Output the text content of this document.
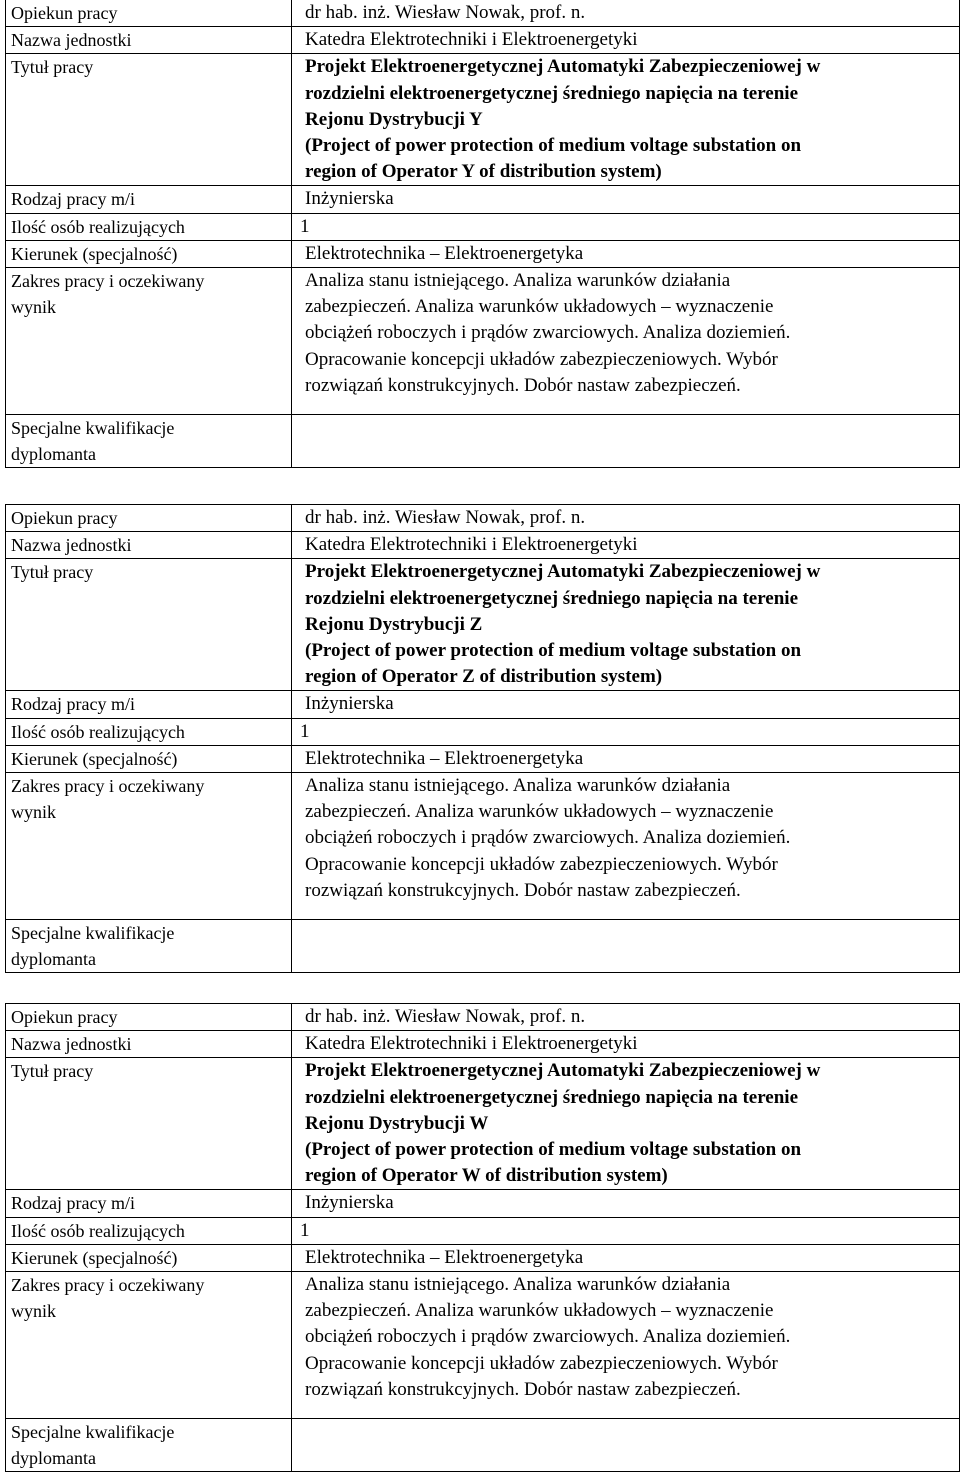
Opiekun pracy	dr hab. inż. Wiesław Nowak, prof. n.
Nazwa jednostki	Katedra Elektrotechniki i Elektroenergetyki
Tytuł pracy	Projekt Elektroenergetycznej Automatyki Zabezpieczeniowej w
rozdzielni elektroenergetycznej średniego napięcia na terenie
Rejonu Dystrybucji Y
(Project of power protection of medium voltage substation on
region of Operator Y of distribution system)

Rodzaj pracy m/i	Inżynierska
Ilość osób realizujących	1
Kierunek (specjalność)	Elektrotechnika – Elektroenergetyka

Zakres pracy i oczekiwany
wynik	Analiza stanu istniejącego. Analiza warunków działania
zabezpieczeń. Analiza warunków układowych – wyznaczenie
obciążeń roboczych i prądów zwarciowych. Analiza doziemień.
Opracowanie koncepcji układów zabezpieczeniowych. Wybór
rozwiązań konstrukcyjnych. Dobór nastaw zabezpieczeń.

Specjalne kwalifikacje
dyplomanta	

Opiekun pracy	dr hab. inż. Wiesław Nowak, prof. n.
Nazwa jednostki	Katedra Elektrotechniki i Elektroenergetyki
Tytuł pracy	Projekt Elektroenergetycznej Automatyki Zabezpieczeniowej w
rozdzielni elektroenergetycznej średniego napięcia na terenie
Rejonu Dystrybucji Z
(Project of power protection of medium voltage substation on
region of Operator Z of distribution system)

Rodzaj pracy m/i	Inżynierska
Ilość osób realizujących	1
Kierunek (specjalność)	Elektrotechnika – Elektroenergetyka

Zakres pracy i oczekiwany
wynik	Analiza stanu istniejącego. Analiza warunków działania
zabezpieczeń. Analiza warunków układowych – wyznaczenie
obciążeń roboczych i prądów zwarciowych. Analiza doziemień.
Opracowanie koncepcji układów zabezpieczeniowych. Wybór
rozwiązań konstrukcyjnych. Dobór nastaw zabezpieczeń.

Specjalne kwalifikacje
dyplomanta	

Opiekun pracy	dr hab. inż. Wiesław Nowak, prof. n.
Nazwa jednostki	Katedra Elektrotechniki i Elektroenergetyki
Tytuł pracy	Projekt Elektroenergetycznej Automatyki Zabezpieczeniowej w
rozdzielni elektroenergetycznej średniego napięcia na terenie
Rejonu Dystrybucji W
(Project of power protection of medium voltage substation on
region of Operator W of distribution system)

Rodzaj pracy m/i	Inżynierska
Ilość osób realizujących	1
Kierunek (specjalność)	Elektrotechnika – Elektroenergetyka

Zakres pracy i oczekiwany
wynik	Analiza stanu istniejącego. Analiza warunków działania
zabezpieczeń. Analiza warunków układowych – wyznaczenie
obciążeń roboczych i prądów zwarciowych. Analiza doziemień.
Opracowanie koncepcji układów zabezpieczeniowych. Wybór
rozwiązań konstrukcyjnych. Dobór nastaw zabezpieczeń.

Specjalne kwalifikacje
dyplomanta	
